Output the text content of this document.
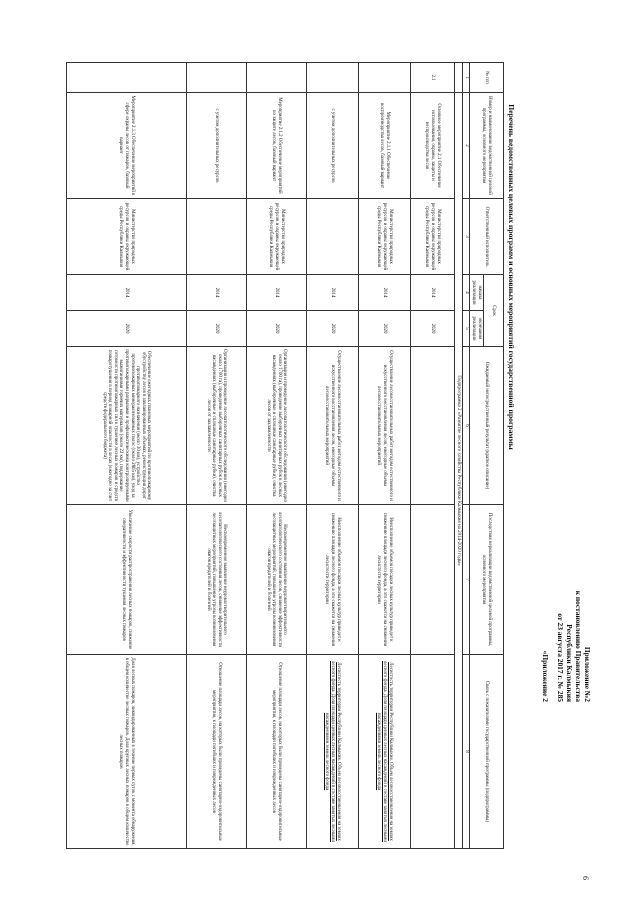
6
Приложение №2
к постановлению Правительства
Республики Калмыкия
от 23 августа 2017 г. № 285
«Приложение 2
Перечень ведомственных целевых программ и основных мероприятий государственной программы
№ п/п	Номер и наименование ведомственной целевой программы, основного мероприятия	Ответственный исполнитель	Срок		Ожидаемый непосредственный результат (краткое описание)	Последствия нереализации ведомственной целевой программы, основного мероприятия	Связь с показателями государственной программы (подпрограммы)
			начала реализации	окончания реализации			
1	2	3	4	5	6	7	8
	Подпрограмма 2 «Развитие лесного хозяйства Республики Калмыкия на 2014-2020 годы»						
2.1	Основное мероприятие 2.1 Обеспечение использования, охраны, защиты и воспроизводства лесов	Министерство природных ресурсов и охраны окружающей среды Республики Калмыкия	2014	2020			
	Мероприятие 2.1.1 Обеспечение воспроизводства лесов, базовый вариант	Министерство природных ресурсов и охраны окружающей среды Республики Калмыкия	2014	2020	Осуществление лесовосстановительных работ методом естественного и искусственного восстановления лесов, ежегодные объемы лесовосстановительных мероприятий	Неисполнение объемов посадки лесных культур приведет к снижению площади лесного фонда, а это скажется на снижении лесистости территории	Лесистость территории Республики Калмыкия. Объем лесовосстановления на землях лесного фонда. Доля площади ценных лесных насаждений в составе занятых лесными насаждениями земель лесного фонда
	с учетом дополнительных ресурсов		2014	2020	Осуществление лесовосстановительных работ методом естественного и искусственного восстановления лесов, ежегодные объемы лесовосстановительных мероприятий	Неисполнение объемов посадки лесных культур приведет к снижению площади лесного фонда, а это скажется на снижении лесистости территории	Лесистость территории Республики Калмыкия. Объем лесовосстановления на землях лесного фонда. Доля площади ценных лесных насаждений в составе занятых лесными насаждениями земель лесного фонда
	Мероприятие 2.1.2 Обеспечение мероприятий по защите лесов, базовый вариант	Министерство природных ресурсов и охраны окружающей среды Республики Калмыкия	2014	2020	Организация и проведение лесопатологического обследования (ежегодно около 1700 га), проведение выборочных санитарных рубок в лесных насаждениях (выборочные и сплошные санитарные рубки), очистка лесов от захламленности	Несвоевременное выявление неудовлетворительного лесопатологического состояния лесов, снижение эффективности лесозащитных мероприятий, повышение угрозы возникновения очагов вредителей и болезней	Отношение площади лесов, на которых были проведены санитарно-оздоровительные мероприятия, к площади погибших и поврежденных лесов
	с учетом дополнительных ресурсов		2014	2020	Организация и проведение лесопатологического обследования (ежегодно около 1700 га), проведение выборочных санитарных рубок в лесных насаждениях (выборочные и сплошные санитарные рубки), очистка лесов от захламленности	Несвоевременное выявление неудовлетворительного лесопатологического состояния лесов, снижение эффективности лесозащитных мероприятий, повышение угрозы возникновения очагов вредителей и болезней	Отношение площади лесов, на которых были проведены санитарно-оздоровительные мероприятия, к площади погибших и поврежденных лесов
	Мероприятие 2.1.3 Обеспечение мероприятий в сфере охраны лесов от пожаров, базовый вариант	Министерство природных ресурсов и охраны окружающей среды Республики Калмыкия	2014	2020	Обеспечение ежегодных плановых мероприятий по противопожарному обустройству лесов в запланированных объемах, реконструкция дорог противопожарного назначения (около 30 км), устройство противопожарных минерализованных полос (около 2865 км), уход за противопожарными разрывами и профилактическими контролируемыми выжиганиями горючих материалов (около 22 км), поддержание готовности противопожарных сил к тушению лесных пожаров и средств пожаротушения в период пожарной опасности в лесах (ежегодно за счет средств федерального бюджета)	Увеличение скорости распространения лесных пожаров, снижение оперативности и эффективности тушения лесных пожаров	Доля лесных пожаров, ликвидированных в течение первых суток с момента обнаружения, в общем количестве лесных пожаров. Доля крупных лесных пожаров в общем количестве лесных пожаров
